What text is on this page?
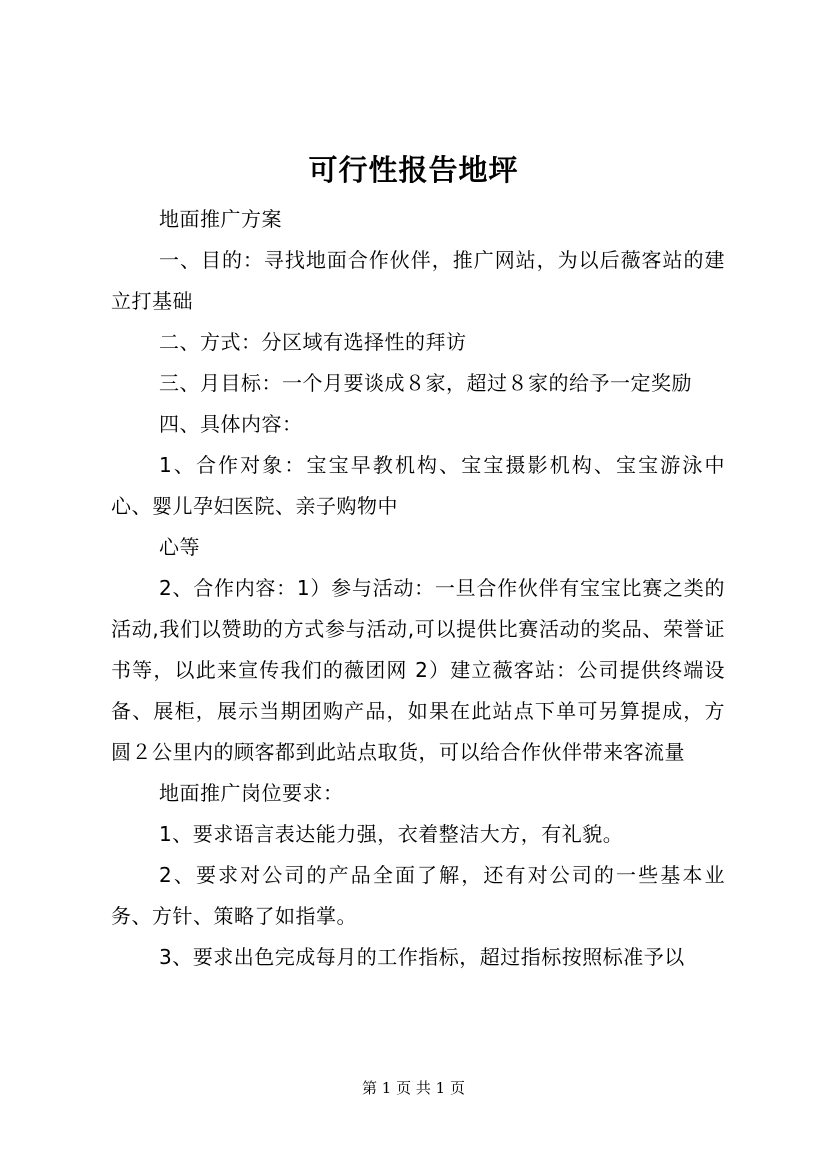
可行性报告地坪

地面推广方案

一、目的：寻找地面合作伙伴，推广网站，为以后薇客站的建立打基础

二、方式：分区域有选择性的拜访

三、月目标：一个月要谈成８家，超过８家的给予一定奖励

四、具体内容：

1、合作对象：宝宝早教机构、宝宝摄影机构、宝宝游泳中心、婴儿孕妇医院、亲子购物中

心等

2、合作内容：1）参与活动：一旦合作伙伴有宝宝比赛之类的活动,我们以赞助的方式参与活动,可以提供比赛活动的奖品、荣誉证书等，以此来宣传我们的薇团网 2）建立薇客站：公司提供终端设备、展柜，展示当期团购产品，如果在此站点下单可另算提成，方圆２公里内的顾客都到此站点取货，可以给合作伙伴带来客流量

地面推广岗位要求：

1、要求语言表达能力强，衣着整洁大方，有礼貌。

2、要求对公司的产品全面了解，还有对公司的一些基本业务、方针、策略了如指掌。

3、要求出色完成每月的工作指标，超过指标按照标准予以

第 1 页 共 1 页
